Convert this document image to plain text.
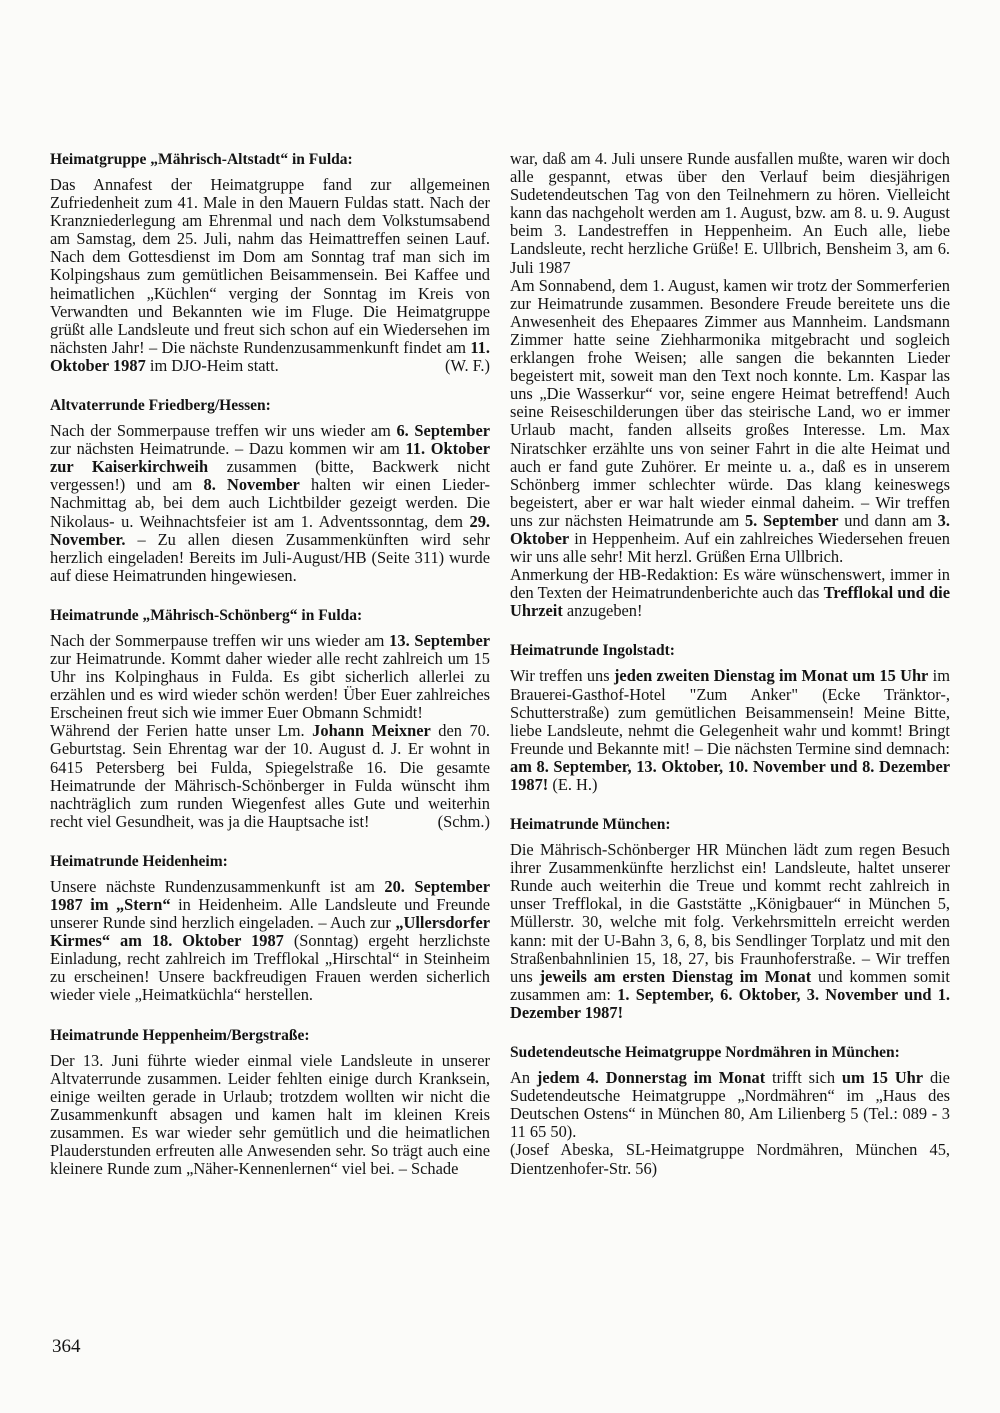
Heimatgruppe „Mährisch-Altstadt“ in Fulda:

Das Annafest der Heimatgruppe fand zur allgemeinen Zufriedenheit zum 41. Male in den Mauern Fuldas statt. Nach der Kranzniederlegung am Ehrenmal und nach dem Volkstumsabend am Samstag, dem 25. Juli, nahm das Heimattreffen seinen Lauf. Nach dem Gottesdienst im Dom am Sonntag traf man sich im Kolpingshaus zum gemütlichen Beisammensein. Bei Kaffee und heimatlichen „Küchlen“ verging der Sonntag im Kreis von Verwandten und Bekannten wie im Fluge. Die Heimatgruppe grüßt alle Landsleute und freut sich schon auf ein Wiedersehen im nächsten Jahr! – Die nächste Rundenzusammenkunft findet am 11. Oktober 1987 im DJO-Heim statt.	(W. F.)

Altvaterrunde Friedberg/Hessen:

Nach der Sommerpause treffen wir uns wieder am 6. September zur nächsten Heimatrunde. – Dazu kommen wir am 11. Oktober zur Kaiserkirchweih zusammen (bitte, Backwerk nicht vergessen!) und am 8. November halten wir einen Lieder-Nachmittag ab, bei dem auch Lichtbilder gezeigt werden. Die Nikolaus- u. Weihnachtsfeier ist am 1. Adventssonntag, dem 29. November. – Zu allen diesen Zusammenkünften wird sehr herzlich eingeladen! Bereits im Juli-August/HB (Seite 311) wurde auf diese Heimatrunden hingewiesen.

Heimatrunde „Mährisch-Schönberg“ in Fulda:

Nach der Sommerpause treffen wir uns wieder am 13. September zur Heimatrunde. Kommt daher wieder alle recht zahlreich um 15 Uhr ins Kolpinghaus in Fulda. Es gibt sicherlich allerlei zu erzählen und es wird wieder schön werden! Über Euer zahlreiches Erscheinen freut sich wie immer Euer Obmann Schmidt!

Während der Ferien hatte unser Lm. Johann Meixner den 70. Geburtstag. Sein Ehrentag war der 10. August d. J. Er wohnt in 6415 Petersberg bei Fulda, Spiegelstraße 16. Die gesamte Heimatrunde der Mährisch-Schönberger in Fulda wünscht ihm nachträglich zum runden Wiegenfest alles Gute und weiterhin recht viel Gesundheit, was ja die Hauptsache ist!	(Schm.)

Heimatrunde Heidenheim:

Unsere nächste Rundenzusammenkunft ist am 20. September 1987 im „Stern“ in Heidenheim. Alle Landsleute und Freunde unserer Runde sind herzlich eingeladen. – Auch zur „Ullersdorfer Kirmes“ am 18. Oktober 1987 (Sonntag) ergeht herzlichste Einladung, recht zahlreich im Trefflokal „Hirschtal“ in Steinheim zu erscheinen! Unsere backfreudigen Frauen werden sicherlich wieder viele „Heimatküchla“ herstellen.

Heimatrunde Heppenheim/Bergstraße:

Der 13. Juni führte wieder einmal viele Landsleute in unserer Altvaterrunde zusammen. Leider fehlten einige durch Kranksein, einige weilten gerade in Urlaub; trotzdem wollten wir nicht die Zusammenkunft absagen und kamen halt im kleinen Kreis zusammen. Es war wieder sehr gemütlich und die heimatlichen Plauderstunden erfreuten alle Anwesenden sehr. So trägt auch eine kleinere Runde zum „Näher-Kennenlernen“ viel bei. – Schade

war, daß am 4. Juli unsere Runde ausfallen mußte, waren wir doch alle gespannt, etwas über den Verlauf beim diesjährigen Sudetendeutschen Tag von den Teilnehmern zu hören. Vielleicht kann das nachgeholt werden am 1. August, bzw. am 8. u. 9. August beim 3. Landestreffen in Heppenheim. An Euch alle, liebe Landsleute, recht herzliche Grüße! E. Ullbrich, Bensheim 3, am 6. Juli 1987

Am Sonnabend, dem 1. August, kamen wir trotz der Sommerferien zur Heimatrunde zusammen. Besondere Freude bereitete uns die Anwesenheit des Ehepaares Zimmer aus Mannheim. Landsmann Zimmer hatte seine Ziehharmonika mitgebracht und sogleich erklangen frohe Weisen; alle sangen die bekannten Lieder begeistert mit, soweit man den Text noch konnte. Lm. Kaspar las uns „Die Wasserkur“ vor, seine engere Heimat betreffend! Auch seine Reiseschilderungen über das steirische Land, wo er immer Urlaub macht, fanden allseits großes Interesse. Lm. Max Niratschker erzählte uns von seiner Fahrt in die alte Heimat und auch er fand gute Zuhörer. Er meinte u. a., daß es in unserem Schönberg immer schlechter würde. Das klang keineswegs begeistert, aber er war halt wieder einmal daheim. – Wir treffen uns zur nächsten Heimatrunde am 5. September und dann am 3. Oktober in Heppenheim. Auf ein zahlreiches Wiedersehen freuen wir uns alle sehr! Mit herzl. Grüßen Erna Ullbrich.

Anmerkung der HB-Redaktion: Es wäre wünschenswert, immer in den Texten der Heimatrundenberichte auch das Trefflokal und die Uhrzeit anzugeben!

Heimatrunde Ingolstadt:

Wir treffen uns jeden zweiten Dienstag im Monat um 15 Uhr im Brauerei-Gasthof-Hotel "Zum Anker" (Ecke Tränktor-, Schutterstraße) zum gemütlichen Beisammensein! Meine Bitte, liebe Landsleute, nehmt die Gelegenheit wahr und kommt! Bringt Freunde und Bekannte mit! – Die nächsten Termine sind demnach: am 8. September, 13. Oktober, 10. November und 8. Dezember 1987! (E. H.)

Heimatrunde München:

Die Mährisch-Schönberger HR München lädt zum regen Besuch ihrer Zusammenkünfte herzlichst ein! Landsleute, haltet unserer Runde auch weiterhin die Treue und kommt recht zahlreich in unser Trefflokal, in die Gaststätte „Königbauer“ in München 5, Müllerstr. 30, welche mit folg. Verkehrsmitteln erreicht werden kann: mit der U-Bahn 3, 6, 8, bis Sendlinger Torplatz und mit den Straßenbahnlinien 15, 18, 27, bis Fraunhoferstraße. – Wir treffen uns jeweils am ersten Dienstag im Monat und kommen somit zusammen am: 1. September, 6. Oktober, 3. November und 1. Dezember 1987!

Sudetendeutsche Heimatgruppe Nordmähren in München:

An jedem 4. Donnerstag im Monat trifft sich um 15 Uhr die Sudetendeutsche Heimatgruppe „Nordmähren“ im „Haus des Deutschen Ostens“ in München 80, Am Lilienberg 5 (Tel.: 089 - 3 11 65 50).

(Josef Abeska, SL-Heimatgruppe Nordmähren, München 45, Dientzenhofer-Str. 56)

364
